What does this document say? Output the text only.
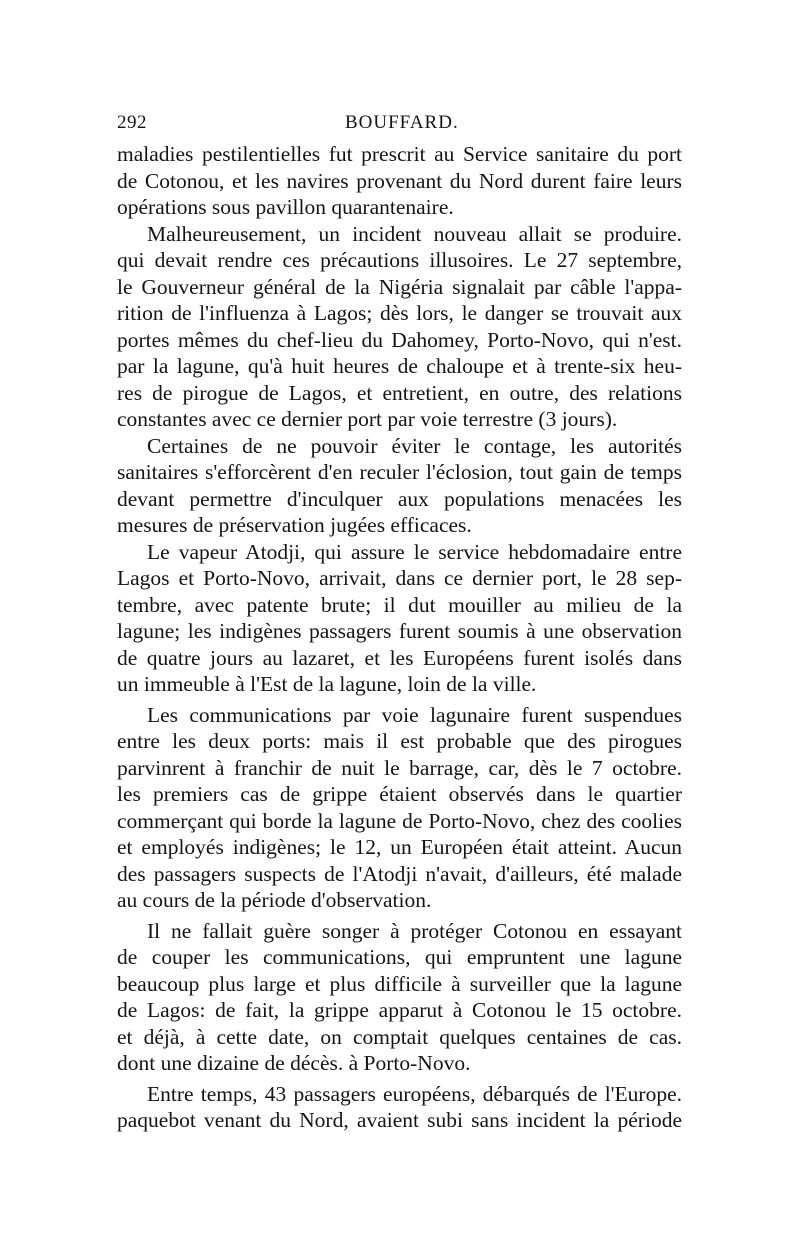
292	BOUFFARD.
maladies pestilentielles fut prescrit au Service sanitaire du port
de Cotonou, et les navires provenant du Nord durent faire leurs
opérations sous pavillon quarantenaire.
Malheureusement, un incident nouveau allait se produire.
qui devait rendre ces précautions illusoires. Le 27 septembre,
le Gouverneur général de la Nigéria signalait par câble l'appa-
rition de l'influenza à Lagos; dès lors, le danger se trouvait aux
portes mêmes du chef-lieu du Dahomey, Porto-Novo, qui n'est.
par la lagune, qu'à huit heures de chaloupe et à trente-six heu-
res de pirogue de Lagos, et entretient, en outre, des relations
constantes avec ce dernier port par voie terrestre (3 jours).
Certaines de ne pouvoir éviter le contage, les autorités
sanitaires s'efforcèrent d'en reculer l'éclosion, tout gain de temps
devant permettre d'inculquer aux populations menacées les
mesures de préservation jugées efficaces.
Le vapeur Atodji, qui assure le service hebdomadaire entre
Lagos et Porto-Novo, arrivait, dans ce dernier port, le 28 sep-
tembre, avec patente brute; il dut mouiller au milieu de la
lagune; les indigènes passagers furent soumis à une observation
de quatre jours au lazaret, et les Européens furent isolés dans
un immeuble à l'Est de la lagune, loin de la ville.
Les communications par voie lagunaire furent suspendues
entre les deux ports: mais il est probable que des pirogues
parvinrent à franchir de nuit le barrage, car, dès le 7 octobre.
les premiers cas de grippe étaient observés dans le quartier
commerçant qui borde la lagune de Porto-Novo, chez des coolies
et employés indigènes; le 12, un Européen était atteint. Aucun
des passagers suspects de l'Atodji n'avait, d'ailleurs, été malade
au cours de la période d'observation.
Il ne fallait guère songer à protéger Cotonou en essayant
de couper les communications, qui empruntent une lagune
beaucoup plus large et plus difficile à surveiller que la lagune
de Lagos: de fait, la grippe apparut à Cotonou le 15 octobre.
et déjà, à cette date, on comptait quelques centaines de cas.
dont une dizaine de décès. à Porto-Novo.
Entre temps, 43 passagers européens, débarqués de l'Europe.
paquebot venant du Nord, avaient subi sans incident la période
